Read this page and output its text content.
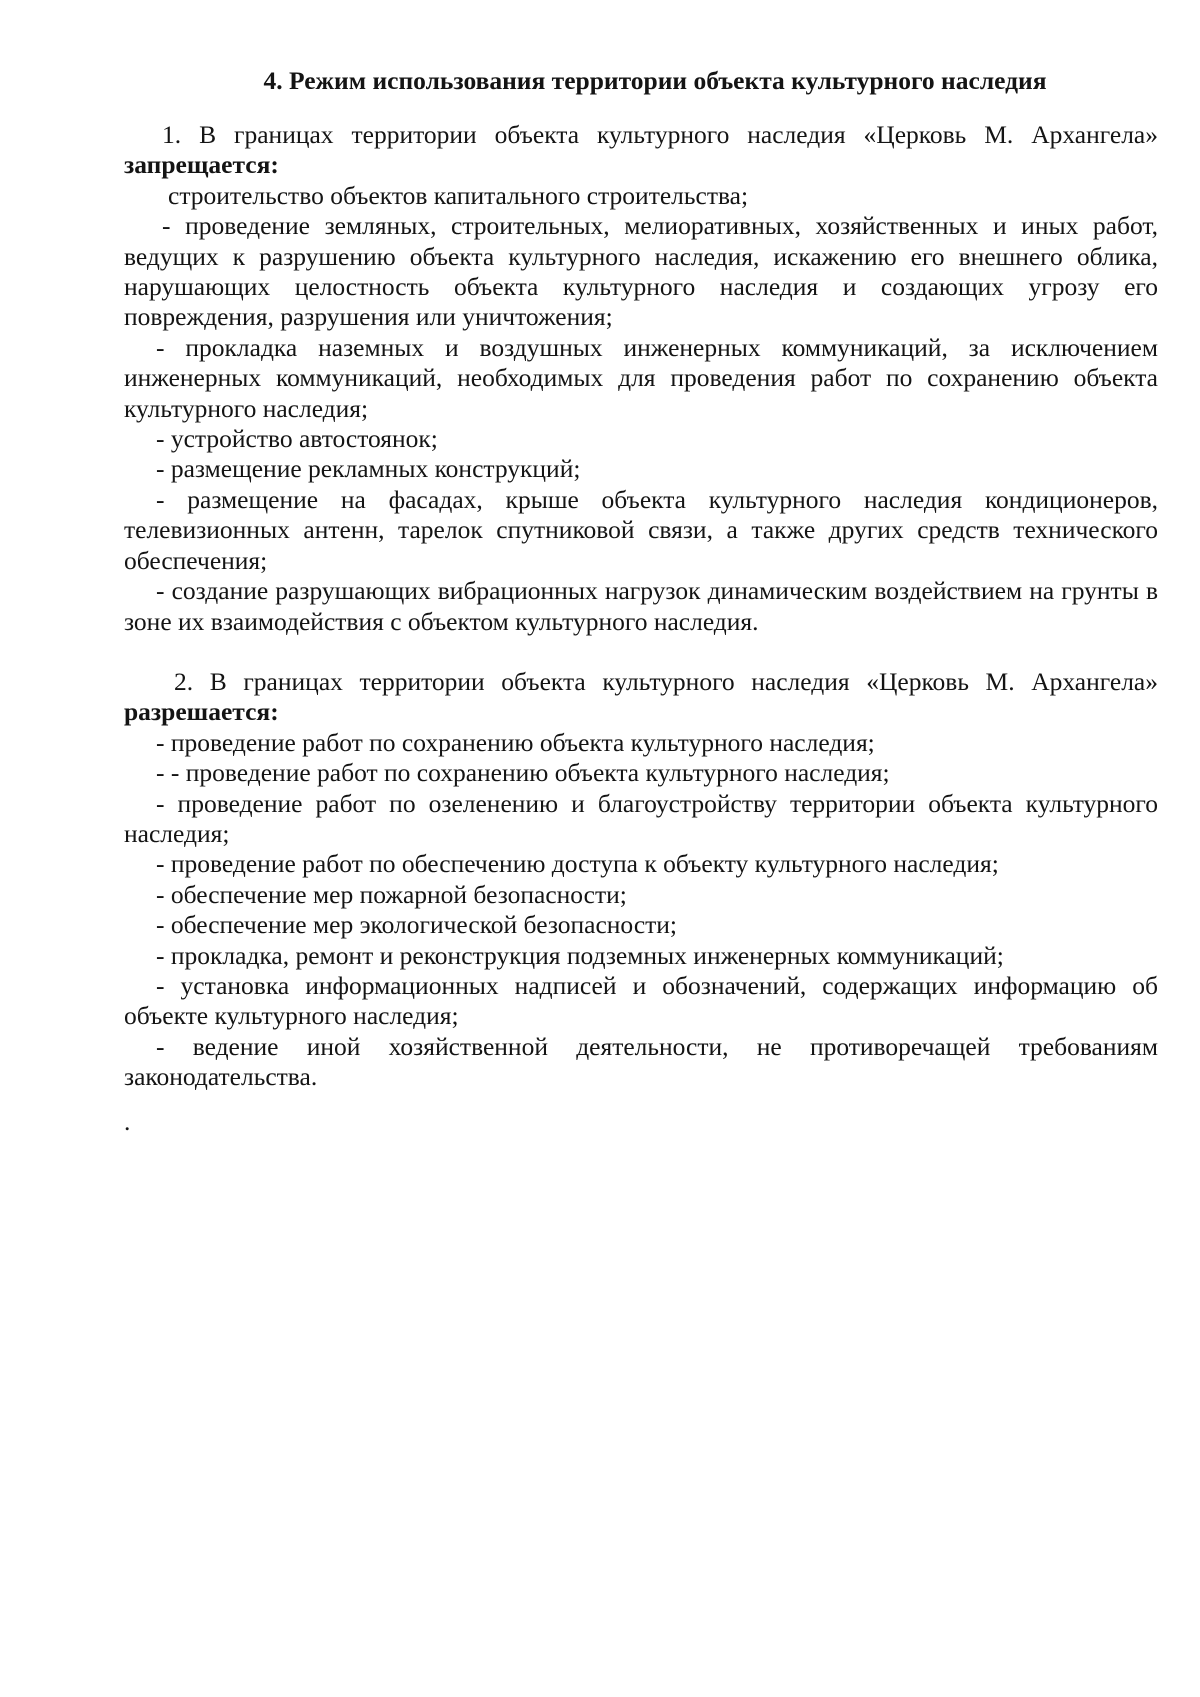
4. Режим использования территории объекта культурного наследия

1. В границах территории объекта культурного наследия «Церковь М. Архангела» запрещается:

строительство объектов капитального строительства;

- проведение земляных, строительных, мелиоративных, хозяйственных и иных работ, ведущих к разрушению объекта культурного наследия, искажению его внешнего облика, нарушающих целостность объекта культурного наследия и создающих угрозу его повреждения, разрушения или уничтожения;

- прокладка наземных и воздушных инженерных коммуникаций, за исключением инженерных коммуникаций, необходимых для проведения работ по сохранению объекта культурного наследия;

- устройство автостоянок;

- размещение рекламных конструкций;

- размещение на фасадах, крыше объекта культурного наследия кондиционеров, телевизионных антенн, тарелок спутниковой связи, а также других средств технического обеспечения;

- создание разрушающих вибрационных нагрузок динамическим воздействием на грунты в зоне их взаимодействия с объектом культурного наследия.

2. В границах территории объекта культурного наследия «Церковь М. Архангела» разрешается:

- проведение работ по сохранению объекта культурного наследия;

- - проведение работ по сохранению объекта культурного наследия;

- проведение работ по озеленению и благоустройству территории объекта культурного наследия;

- проведение работ по обеспечению доступа к объекту культурного наследия;

- обеспечение мер пожарной безопасности;

- обеспечение мер экологической безопасности;

- прокладка, ремонт и реконструкция подземных инженерных коммуникаций;

- установка информационных надписей и обозначений, содержащих информацию об объекте культурного наследия;

- ведение иной хозяйственной деятельности, не противоречащей требованиям законодательства.

.
